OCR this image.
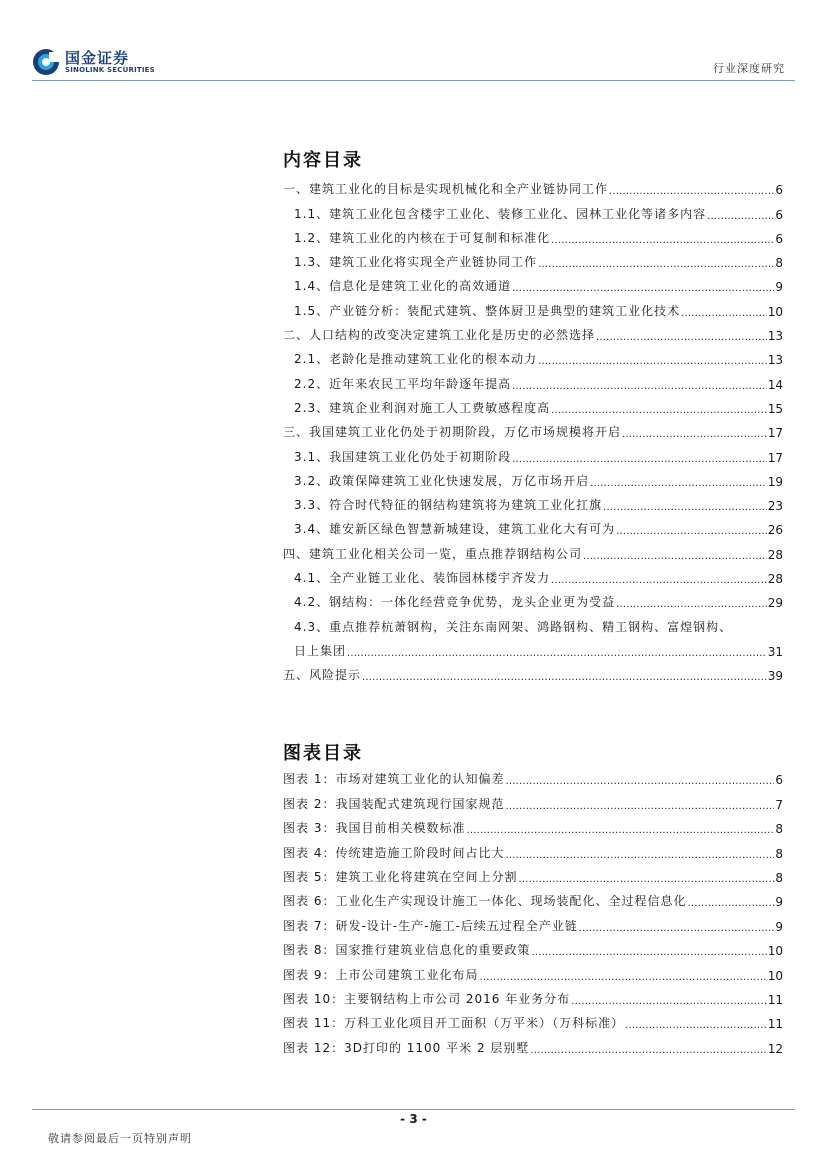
国金证券
SINOLINK SECURITIES	行业深度研究
内容目录
一、建筑工业化的目标是实现机械化和全产业链协同工作 .....	6
1.1、建筑工业化包含楼宇工业化、装修工业化、园林工业化等诸多内容 .....	6
1.2、建筑工业化的内核在于可复制和标准化 .....	6
1.3、建筑工业化将实现全产业链协同工作 .....	8
1.4、信息化是建筑工业化的高效通道 .....	9
1.5、产业链分析：装配式建筑、整体厨卫是典型的建筑工业化技术 .....	10
二、人口结构的改变决定建筑工业化是历史的必然选择 .....	13
2.1、老龄化是推动建筑工业化的根本动力 .....	13
2.2、近年来农民工平均年龄逐年提高 .....	14
2.3、建筑企业利润对施工人工费敏感程度高 .....	15
三、我国建筑工业化仍处于初期阶段，万亿市场规模将开启 .....	17
3.1、我国建筑工业化仍处于初期阶段 .....	17
3.2、政策保障建筑工业化快速发展，万亿市场开启 .....	19
3.3、符合时代特征的钢结构建筑将为建筑工业化扛旗 .....	23
3.4、雄安新区绿色智慧新城建设，建筑工业化大有可为 .....	26
四、建筑工业化相关公司一览，重点推荐钢结构公司 .....	28
4.1、全产业链工业化、装饰园林楼宇齐发力 .....	28
4.2、钢结构：一体化经营竞争优势，龙头企业更为受益 .....	29
4.3、重点推荐杭萧钢构，关注东南网架、鸿路钢构、精工钢构、富煌钢构、
日上集团 .....	31
五、风险提示 .....	39
图表目录
图表 1：市场对建筑工业化的认知偏差 .....	6
图表 2：我国装配式建筑现行国家规范 .....	7
图表 3：我国目前相关模数标准 .....	8
图表 4：传统建造施工阶段时间占比大 .....	8
图表 5：建筑工业化将建筑在空间上分割 .....	8
图表 6：工业化生产实现设计施工一体化、现场装配化、全过程信息化 .....	9
图表 7：研发-设计-生产-施工-后续五过程全产业链 .....	9
图表 8：国家推行建筑业信息化的重要政策 .....	10
图表 9：上市公司建筑工业化布局 .....	10
图表 10：主要钢结构上市公司 2016 年业务分布 .....	11
图表 11：万科工业化项目开工面积（万平米）（万科标准） .....	11
图表 12：3D打印的 1100 平米 2 层别墅 .....	12
- 3 -
敬请参阅最后一页特别声明
